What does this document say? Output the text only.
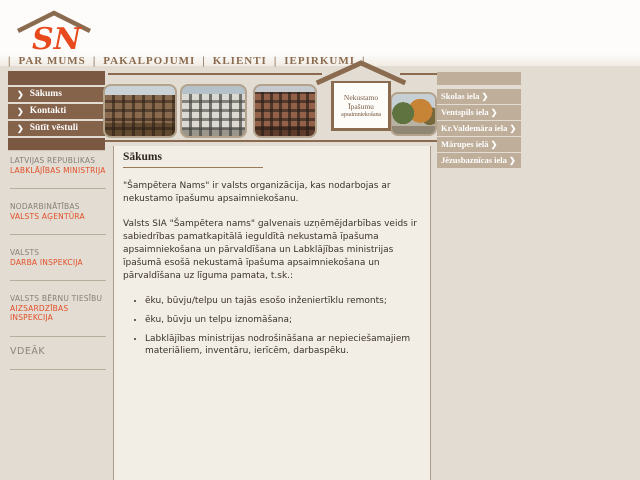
SN
| PAR MUMS | PAKALPOJUMI | KLIENTI | IEPIRKUMI |
❯ Sākums
❯ Kontakti
❯ Sūtīt vēstuli
LATVIJAS REPUBLIKAS
LABKLĀJĪBAS MINISTRIJA
NODARBINĀTĪBAS
VALSTS AĢENTŪRA
VALSTS
DARBA INSPEKCIJA
VALSTS BĒRNU TIESĪBU
AIZSARDZĪBAS INSPEKCIJA
VDEĀK
Nekustamo
Īpašumu
apsaimniekošana
Sākums

"Šampētera Nams" ir valsts organizācija, kas nodarbojas ar nekustamo īpašumu apsaimniekošanu.

Valsts SIA "Šampētera nams" galvenais uzņēmējdarbības veids ir sabiedrības pamatkapitālā ieguldītā nekustamā īpašuma apsaimniekošana un pārvaldīšana un Labklājības ministrijas īpašumā esošā nekustamā īpašuma apsaimniekošana un pārvaldīšana uz līguma pamata, t.sk.:

• ēku, būvju/telpu un tajās esošo inženiertīklu remonts;
• ēku, būvju un telpu iznomāšana;
• Labklājības ministrijas nodrošināšana ar nepieciešamajiem materiāliem, inventāru, ierīcēm, darbaspēku.
Skolas iela ❯
Ventspils iela ❯
Kr.Valdemāra iela ❯
Mārupes ielā ❯
Jēzusbaznīcas iela ❯
